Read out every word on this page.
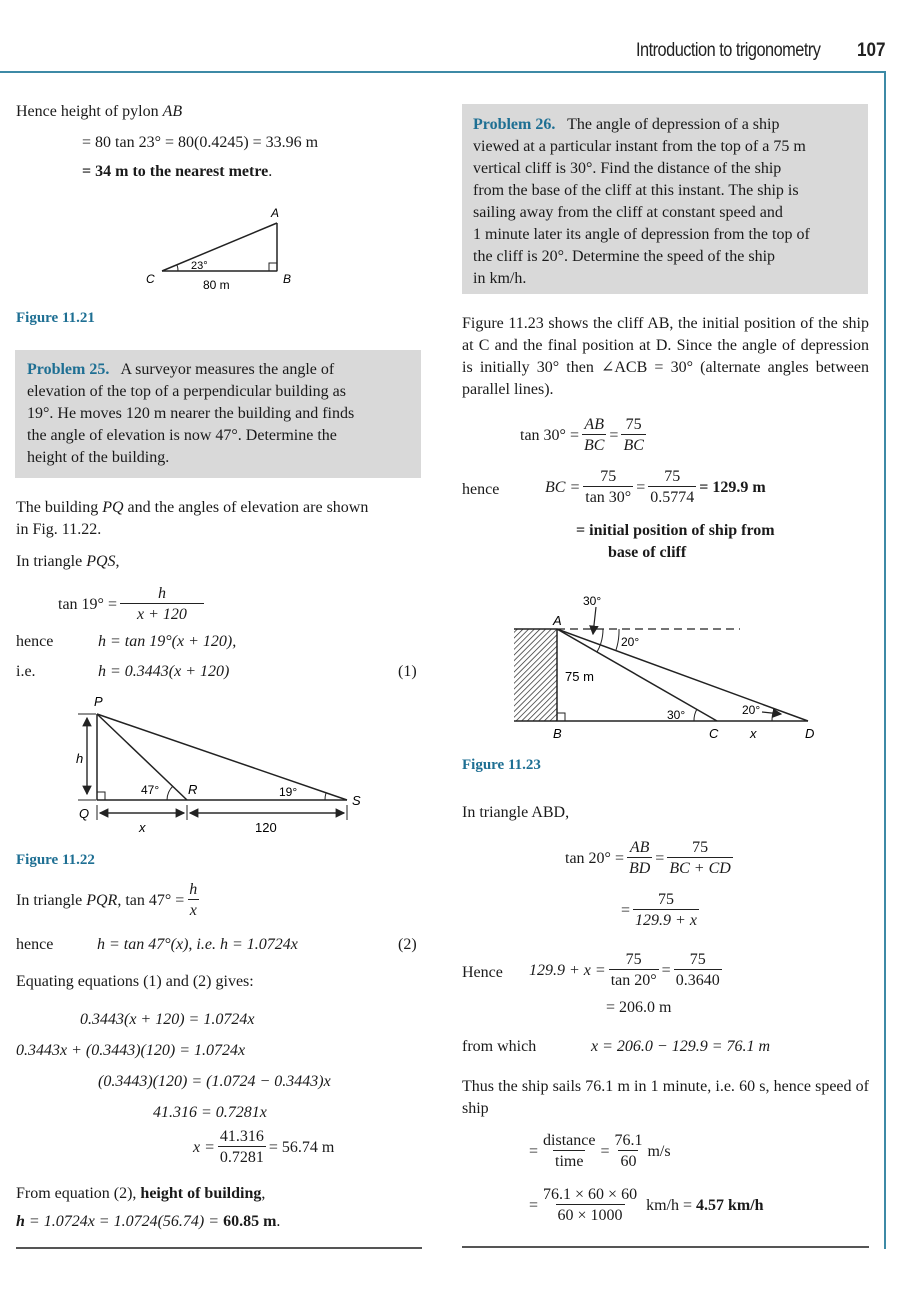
Introduction to trigonometry 107
Hence height of pylon AB
= 80 tan 23° = 80(0.4245) = 33.96 m
= 34 m to the nearest metre.
A
B
C
23°
80 m
Figure 11.21
Problem 25. A surveyor measures the angle of
elevation of the top of a perpendicular building as
19°. He moves 120 m nearer the building and finds
the angle of elevation is now 47°. Determine the
height of the building.
The building PQ and the angles of elevation are shown
in Fig. 11.22.
In triangle PQS,
$\tan 19^\circ = \frac{h}{x + 120}$
hence	h = tan 19°(x + 120),
i.e.	h = 0.3443(x + 120)	(1)
P
Q
R
S
h
x	120
47°	19°
Figure 11.22
In triangle
PQR , $\tan 47^\circ = \frac{h}{x}$
hence	h = tan 47°(x), i.e. h = 1.0724x	(2)
Equating equations (1) and (2) gives:
0.3443(x + 120) = 1.0724x
0.3443x + (0.3443)(120) = 1.0724x
(0.3443)(120) = (1.0724 − 0.3443)x
41.316 = 0.7281x
$x = \frac{41.316}{0.7281} = 56.74$ m
From equation (2), height of building,
h = 1.0724x = 1.0724(56.74) = 60.85 m.
Problem 26. The angle of depression of a ship
viewed at a particular instant from the top of a 75 m
vertical cliff is 30°. Find the distance of the ship
from the base of the cliff at this instant. The ship is
sailing away from the cliff at constant speed and
1 minute later its angle of depression from the top of
the cliff is 20°. Determine the speed of the ship
in km/h.
Figure 11.23 shows the cliff AB, the initial position of the ship at C and the final position at D. Since the angle of depression is initially 30° then ∠ACB = 30° (alternate angles between parallel lines).
$\tan 30^\circ = \frac{AB}{BC} = \frac{75}{BC}$
hence	BC = $\frac{75}{\tan 30^\circ} = \frac{75}{0.5774} = 129.9$ m
= initial position of ship from
base of cliff
30°
A
20°
75 m
30°	20°
B	C x	D
Figure 11.23
In triangle ABD,
$\tan 20^\circ = \frac{AB}{BD} = \frac{75}{BC + CD}$
= $\frac{75}{129.9 + x}$
Hence $129.9 + x = \frac{75}{\tan 20^\circ} = \frac{75}{0.3640}$
= 206.0 m
from which	x = 206.0 − 129.9 = 76.1 m
Thus the ship sails 76.1 m in 1 minute, i.e. 60 s, hence speed of ship
= $\frac{\text{distance}}{\text{time}} = \frac{76.1}{60} m/s$
= $\frac{76.1 \times 60 \times 60}{60 \times 1000} km/h = 4.57$ km/h
